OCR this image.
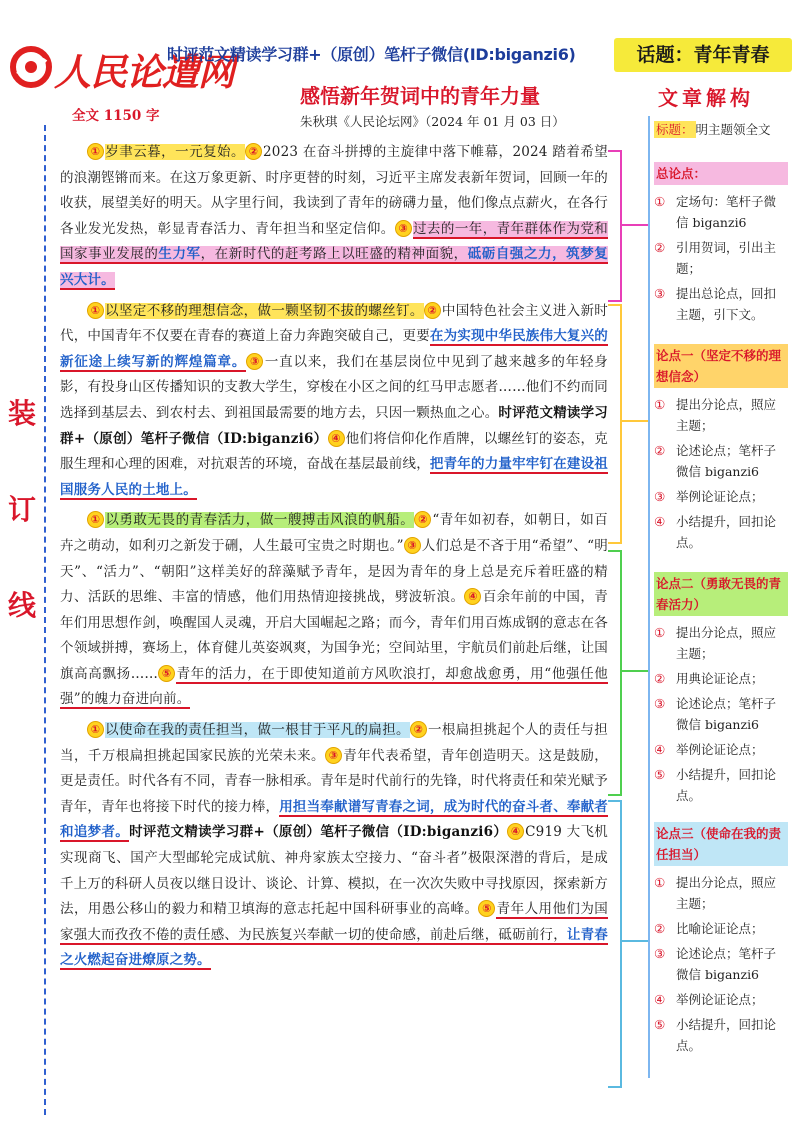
人民论遭网
时评范文精读学习群+（原创）笔杆子微信(ID:biganzi6)	话题：青年青春
感悟新年贺词中的青年力量
朱秋琪《人民论坛网》（2024 年 01 月 03 日）
全文 1150 字
装
订
线

① 岁聿云暮，一元复始。 ② 2023 在奋斗拼搏的主旋律中落下帷幕，2024 踏着希望的浪潮铿锵而来。在这万象更新、时序更替的时刻，习近平主席发表新年贺词，回顾一年的收获，展望美好的明天。从字里行间，我读到了青年的磅礴力量，他们像点点薪火，在各行各业发光发热，彰显青春活力、青年担当和坚定信仰。 ③ 过去的一年，青年群体作为党和国家事业发展的生力军，在新时代的赶考路上以旺盛的精神面貌，砥砺自强之力，筑梦复兴大计。

① 以坚定不移的理想信念，做一颗坚韧不拔的螺丝钉。 ② 中国特色社会主义进入新时代，中国青年不仅要在青春的赛道上奋力奔跑突破自己，更要在为实现中华民族伟大复兴的新征途上续写新的辉煌篇章。 ③ 一直以来，我们在基层岗位中见到了越来越多的年轻身影，有投身山区传播知识的支教大学生，穿梭在小区之间的红马甲志愿者……他们不约而同选择到基层去、到农村去、到祖国最需要的地方去，只因一颗热血之心。时评范文精读学习群+（原创）笔杆子微信（ID:biganzi6） ④ 他们将信仰化作盾牌，以螺丝钉的姿态，克服生理和心理的困难，对抗艰苦的环境，奋战在基层最前线，把青年的力量牢牢钉在建设祖国服务人民的土地上。

① 以勇敢无畏的青春活力，做一艘搏击风浪的帆船。 ② “青年如初春，如朝日，如百卉之萌动，如利刃之新发于硎，人生最可宝贵之时期也。” ③ 人们总是不吝于用“希望”、“明天”、“活力”、“朝阳”这样美好的辞藻赋予青年，是因为青年的身上总是充斥着旺盛的精力、活跃的思维、丰富的情感，他们用热情迎接挑战，劈波斩浪。 ④ 百余年前的中国，青年们用思想作剑，唤醒国人灵魂，开启大国崛起之路；而今，青年们用百炼成钢的意志在各个领域拼搏，赛场上，体育健儿英姿飒爽，为国争光；空间站里，宇航员们前赴后继，让国旗高高飘扬…… ⑤ 青年的活力，在于即使知道前方风吹浪打，却愈战愈勇，用“他强任他强”的魄力奋进向前。

① 以使命在我的责任担当，做一根甘于平凡的扁担。 ② 一根扁担挑起个人的责任与担当，千万根扁担挑起国家民族的光荣未来。 ③ 青年代表希望，青年创造明天。这是鼓励，更是责任。时代各有不同，青春一脉相承。青年是时代前行的先锋，时代将责任和荣光赋予青年，青年也将接下时代的接力棒，用担当奉献谱写青春之词，成为时代的奋斗者、奉献者和追梦者。时评范文精读学习群+（原创）笔杆子微信（ID:biganzi6） ④ C919 大飞机实现商飞、国产大型邮轮完成试航、神舟家族太空接力、“奋斗者”极限深潜的背后，是成千上万的科研人员夜以继日设计、谈论、计算、模拟，在一次次失败中寻找原因，探索新方法，用愚公移山的毅力和精卫填海的意志托起中国科研事业的高峰。 ⑤ 青年人用他们为国家强大而孜孜不倦的责任感、为民族复兴奉献一切的使命感，前赴后继，砥砺前行，让青春之火燃起奋进燎原之势。

文章解构
标题： 明主题领全文
总论点：
① 定场句：笔杆子微信 biganzi6
② 引用贺词，引出主题；
③ 提出总论点，回扣主题，引下文。
论点一（坚定不移的理想信念）
① 提出分论点，照应主题；
② 论述论点；笔杆子微信 biganzi6
③ 举例论证论点；
④ 小结提升，回扣论点。
论点二（勇敢无畏的青春活力）
① 提出分论点，照应主题；
② 用典论证论点；
③ 论述论点；笔杆子微信 biganzi6
④ 举例论证论点；
⑤ 小结提升，回扣论点。
论点三（使命在我的责任担当）
① 提出分论点，照应主题；
② 比喻论证论点；
③ 论述论点；笔杆子微信 biganzi6
④ 举例论证论点；
⑤ 小结提升，回扣论点。
